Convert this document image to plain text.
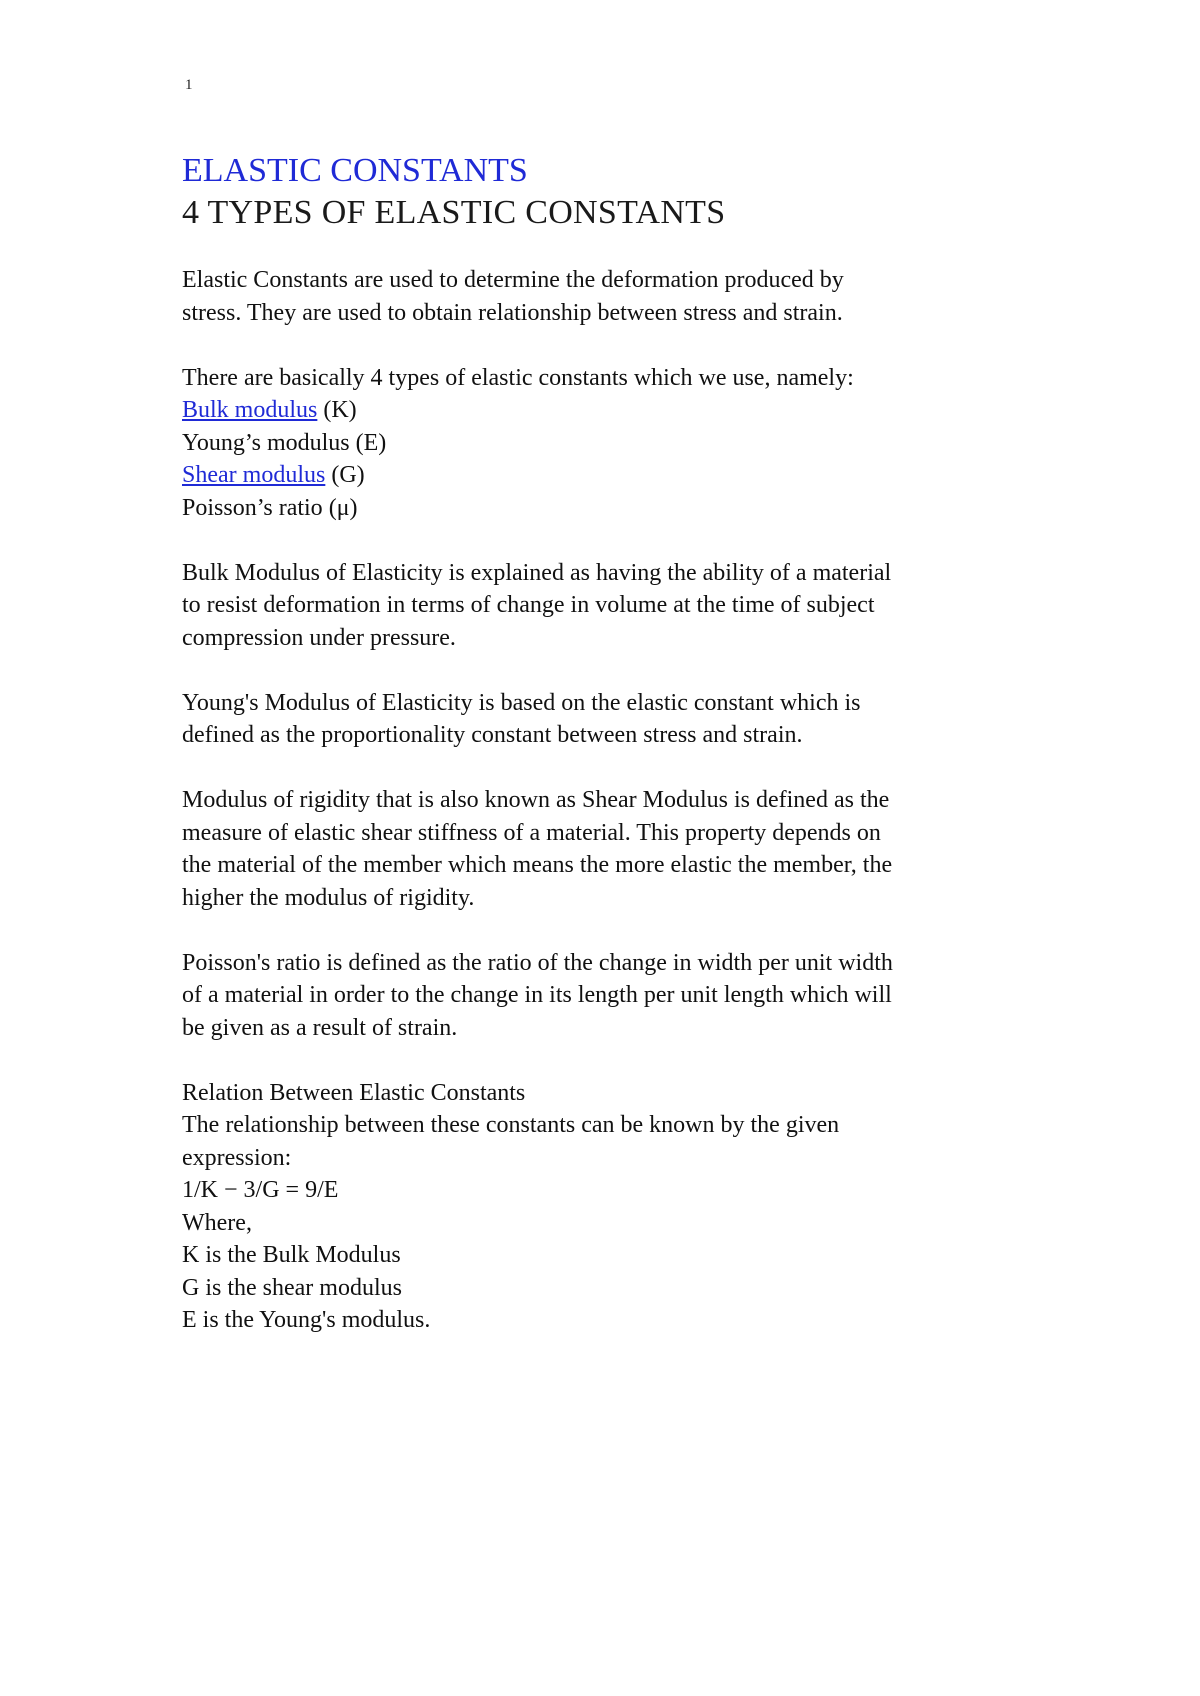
1
ELASTIC CONSTANTS
4 TYPES OF ELASTIC CONSTANTS

Elastic Constants are used to determine the deformation produced by
stress. They are used to obtain relationship between stress and strain.

There are basically 4 types of elastic constants which we use, namely:
Bulk modulus (K)
Young’s modulus (E)
Shear modulus (G)
Poisson’s ratio (μ)

Bulk Modulus of Elasticity is explained as having the ability of a material
to resist deformation in terms of change in volume at the time of subject
compression under pressure.

Young's Modulus of Elasticity is based on the elastic constant which is
defined as the proportionality constant between stress and strain.

Modulus of rigidity that is also known as Shear Modulus is defined as the
measure of elastic shear stiffness of a material. This property depends on
the material of the member which means the more elastic the member, the
higher the modulus of rigidity.

Poisson's ratio is defined as the ratio of the change in width per unit width
of a material in order to the change in its length per unit length which will
be given as a result of strain.

Relation Between Elastic Constants
The relationship between these constants can be known by the given
expression:
1/K − 3/G = 9/E
Where,
K is the Bulk Modulus
G is the shear modulus
E is the Young's modulus.
